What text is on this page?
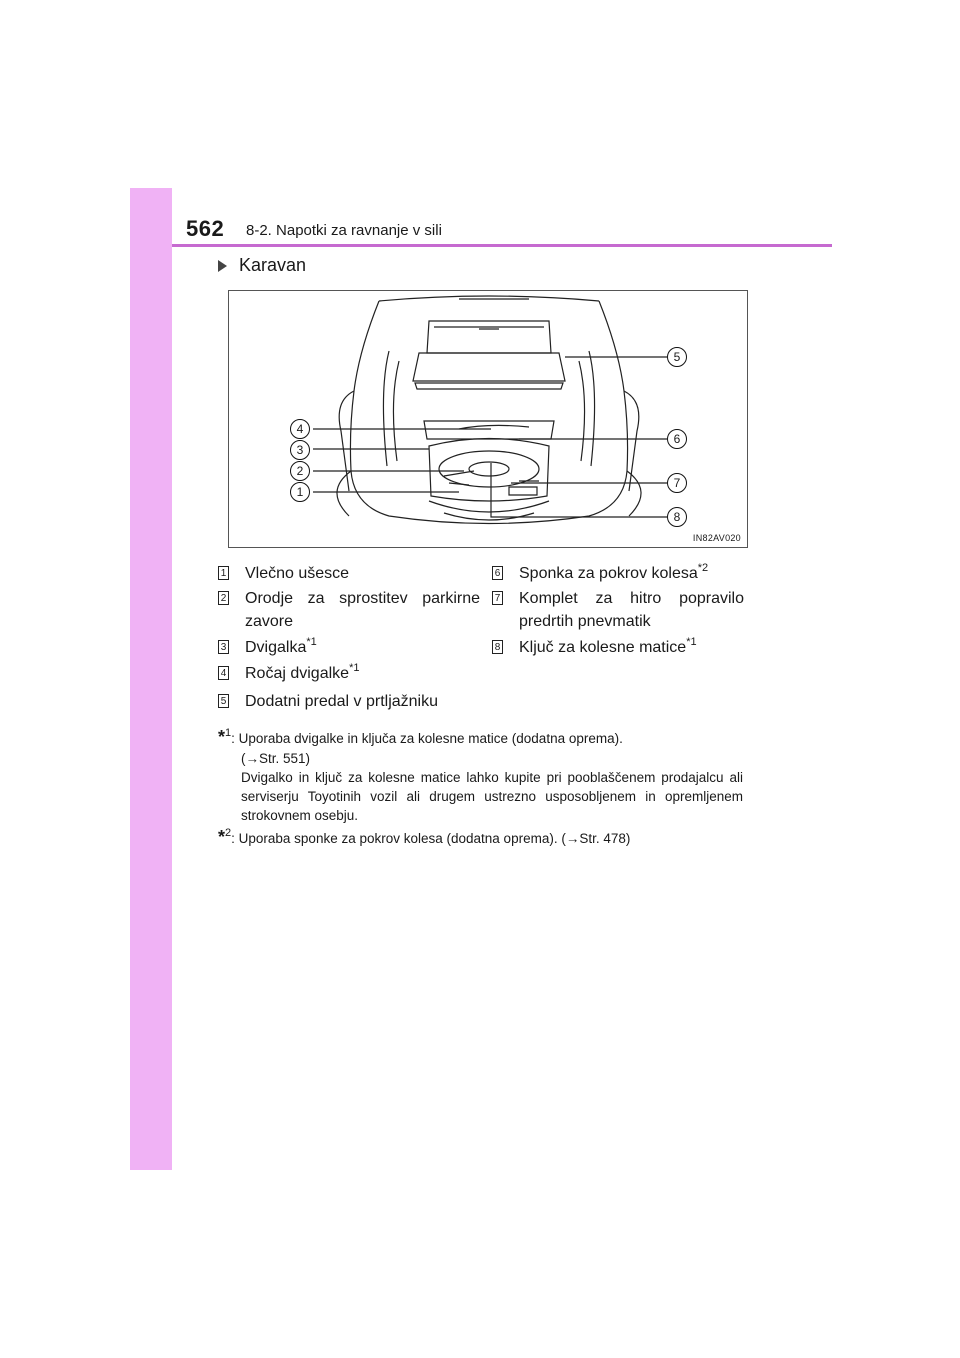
562 8-2. Napotki za ravnanje v sili
Karavan
4
3
2
1
5
6
7
8
IN82AV020
1 Vlečno ušesce
2 Orodje za sprostitev parkirne zavore
3 Dvigalka$^{*1}$
4 Ročaj dvigalke$^{*1}$
5 Dodatni predal v prtljažniku
6 Sponka za pokrov kolesa$^{*2}$
7 Komplet za hitro popravilo predrtih pnevmatik
8 Ključ za kolesne matice$^{*1}$
*$^1$: Uporaba dvigalke in ključa za kolesne matice (dodatna oprema).
(→Str. 551)
Dvigalko in ključ za kolesne matice lahko kupite pri pooblaščenem prodajalcu ali serviserju Toyotinih vozil ali drugem ustrezno usposobljenem in opremljenem strokovnem osebju.
*$^2$: Uporaba sponke za pokrov kolesa (dodatna oprema). (→Str. 478)
